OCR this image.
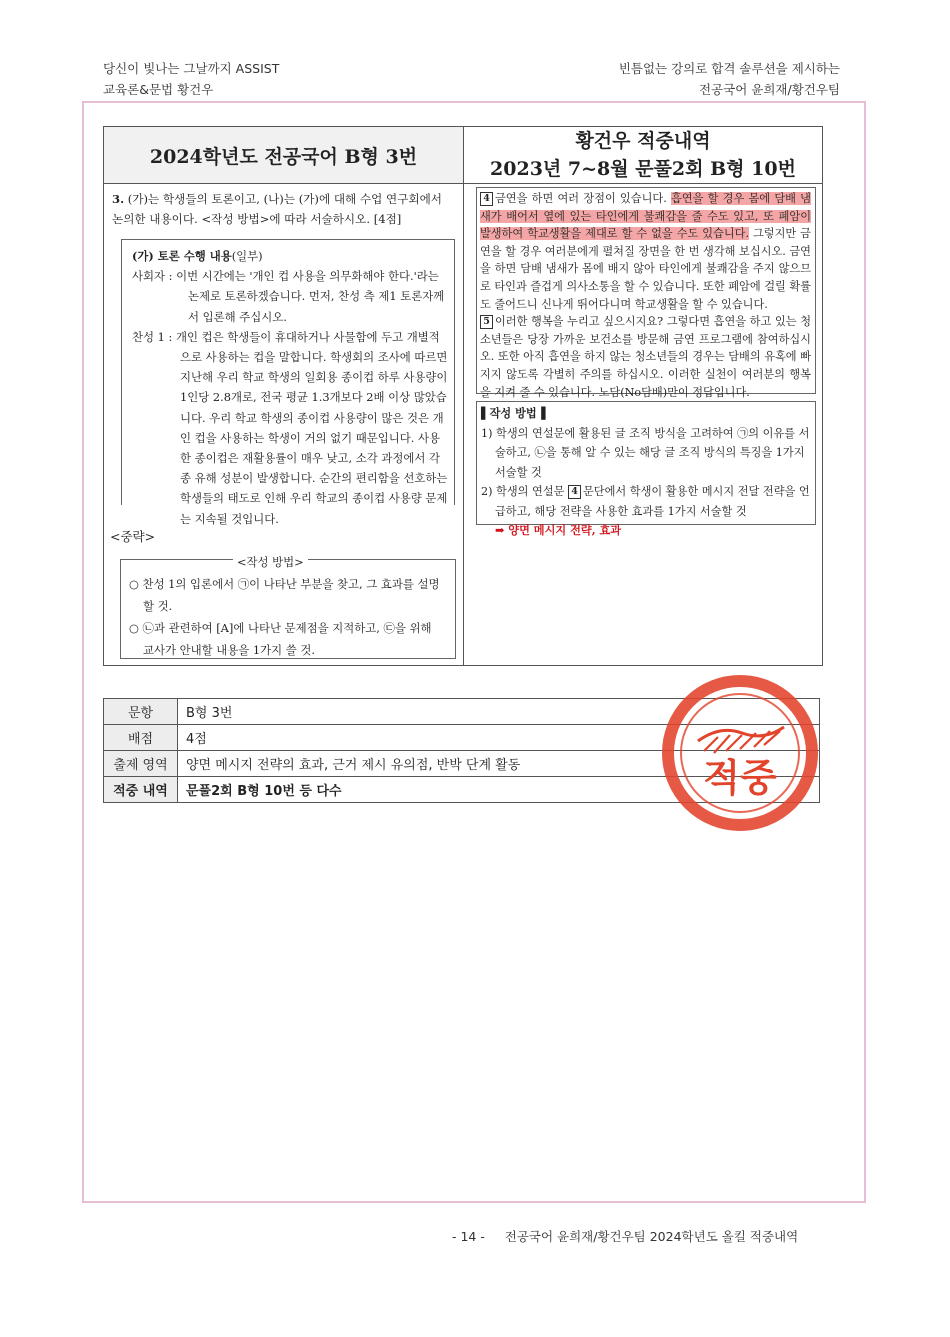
당신이 빛나는 그날까지 ASSIST
교육론&문법 황건우
빈틈없는 강의로 합격 솔루션을 제시하는
전공국어 윤희재/황건우팀
2024학년도 전공국어 B형 3번
황건우 적중내역
2023년 7~8월 문풀2회 B형 10번
3. (가)는 학생들의 토론이고, (나)는 (가)에 대해 수업 연구회에서 논의한 내용이다. <작성 방법>에 따라 서술하시오. [4점]
(가) 토론 수행 내용(일부)
사회자 : 이번 시간에는 '개인 컵 사용을 의무화해야 한다.'라는 논제로 토론하겠습니다. 먼저, 찬성 측 제1 토론자께서 입론해 주십시오.
찬성 1 : 개인 컵은 학생들이 휴대하거나 사물함에 두고 개별적으로 사용하는 컵을 말합니다. 학생회의 조사에 따르면 지난해 우리 학교 학생의 일회용 종이컵 하루 사용량이 1인당 2.8개로, 전국 평균 1.3개보다 2배 이상 많았습니다. 우리 학교 학생의 종이컵 사용량이 많은 것은 개인 컵을 사용하는 학생이 거의 없기 때문입니다. 사용한 종이컵은 재활용률이 매우 낮고, 소각 과정에서 각종 유해 성분이 발생합니다. 순간의 편리함을 선호하는 학생들의 태도로 인해 우리 학교의 종이컵 사용량 문제는 지속될 것입니다.
<중략>
<작성 방법>
○ 찬성 1의 입론에서 ㉠이 나타난 부분을 찾고, 그 효과를 설명할 것.
○ ㉡과 관련하여 [A]에 나타난 문제점을 지적하고, ㉢을 위해 교사가 안내할 내용을 1가지 쓸 것.
4 금연을 하면 여러 장점이 있습니다. 흡연을 할 경우 몸에 담배 냄새가 배어서 옆에 있는 타인에게 불쾌감을 줄 수도 있고, 또 폐암이 발생하여 학교생활을 제대로 할 수 없을 수도 있습니다. 그렇지만 금연을 할 경우 여러분에게 펼쳐질 장면을 한 번 생각해 보십시오. 금연을 하면 담배 냄새가 몸에 배지 않아 타인에게 불쾌감을 주지 않으므로 타인과 즐겁게 의사소통을 할 수 있습니다. 또한 폐암에 걸릴 확률도 줄어드니 신나게 뛰어다니며 학교생활을 할 수 있습니다.
5 이러한 행복을 누리고 싶으시지요? 그렇다면 흡연을 하고 있는 청소년들은 당장 가까운 보건소를 방문해 금연 프로그램에 참여하십시오. 또한 아직 흡연을 하지 않는 청소년들의 경우는 담배의 유혹에 빠지지 않도록 각별히 주의를 하십시오. 이러한 실천이 여러분의 행복을 지켜 줄 수 있습니다. 노담(No담배)만이 정답입니다.
▌작성 방법▐
1) 학생의 연설문에 활용된 글 조직 방식을 고려하여 ㉠의 이유를 서술하고, ㉡을 통해 알 수 있는 해당 글 조직 방식의 특징을 1가지 서술할 것
2) 학생의 연설문 4 문단에서 학생이 활용한 메시지 전달 전략을 언급하고, 해당 전략을 사용한 효과를 1가지 서술할 것
➡ 양면 메시지 전략, 효과
문항	B형 3번
배점	4점
출제 영역	양면 메시지 전략의 효과, 근거 제시 유의점, 반박 단계 활동
적중 내역	문풀2회 B형 10번 등 다수	적중
- 14 - 전공국어 윤희재/황건우팀 2024학년도 올킬 적중내역
